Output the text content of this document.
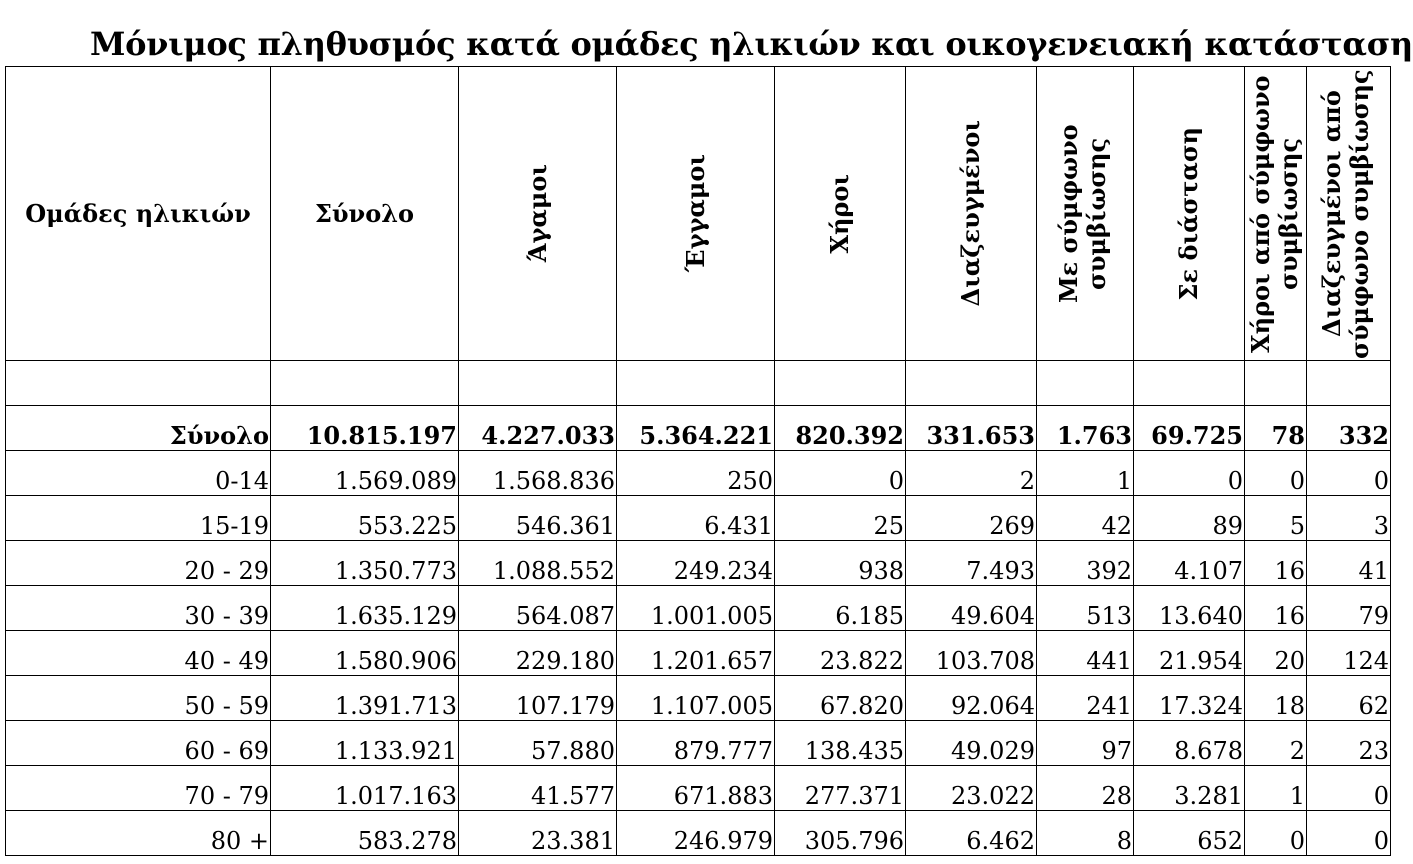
Μόνιμος πληθυσμός κατά ομάδες ηλικιών και οικογενειακή κατάσταση
Ομάδες ηλικιών	Σύνολο	Άγαμοι	Έγγαμοι	Χήροι	Διαζευγμένοι	Με σύμφωνο συμβίωσης	Σε διάσταση	Χήροι από σύμφωνο συμβίωσης	Διαζευγμένοι από σύμφωνο συμβίωσης

Σύνολο	10.815.197	4.227.033	5.364.221	820.392	331.653	1.763	69.725	78	332
0-14	1.569.089	1.568.836	250	0	2	1	0	0	0
15-19	553.225	546.361	6.431	25	269	42	89	5	3
20 - 29	1.350.773	1.088.552	249.234	938	7.493	392	4.107	16	41
30 - 39	1.635.129	564.087	1.001.005	6.185	49.604	513	13.640	16	79
40 - 49	1.580.906	229.180	1.201.657	23.822	103.708	441	21.954	20	124
50 - 59	1.391.713	107.179	1.107.005	67.820	92.064	241	17.324	18	62
60 - 69	1.133.921	57.880	879.777	138.435	49.029	97	8.678	2	23
70 - 79	1.017.163	41.577	671.883	277.371	23.022	28	3.281	1	0
80 +	583.278	23.381	246.979	305.796	6.462	8	652	0	0
